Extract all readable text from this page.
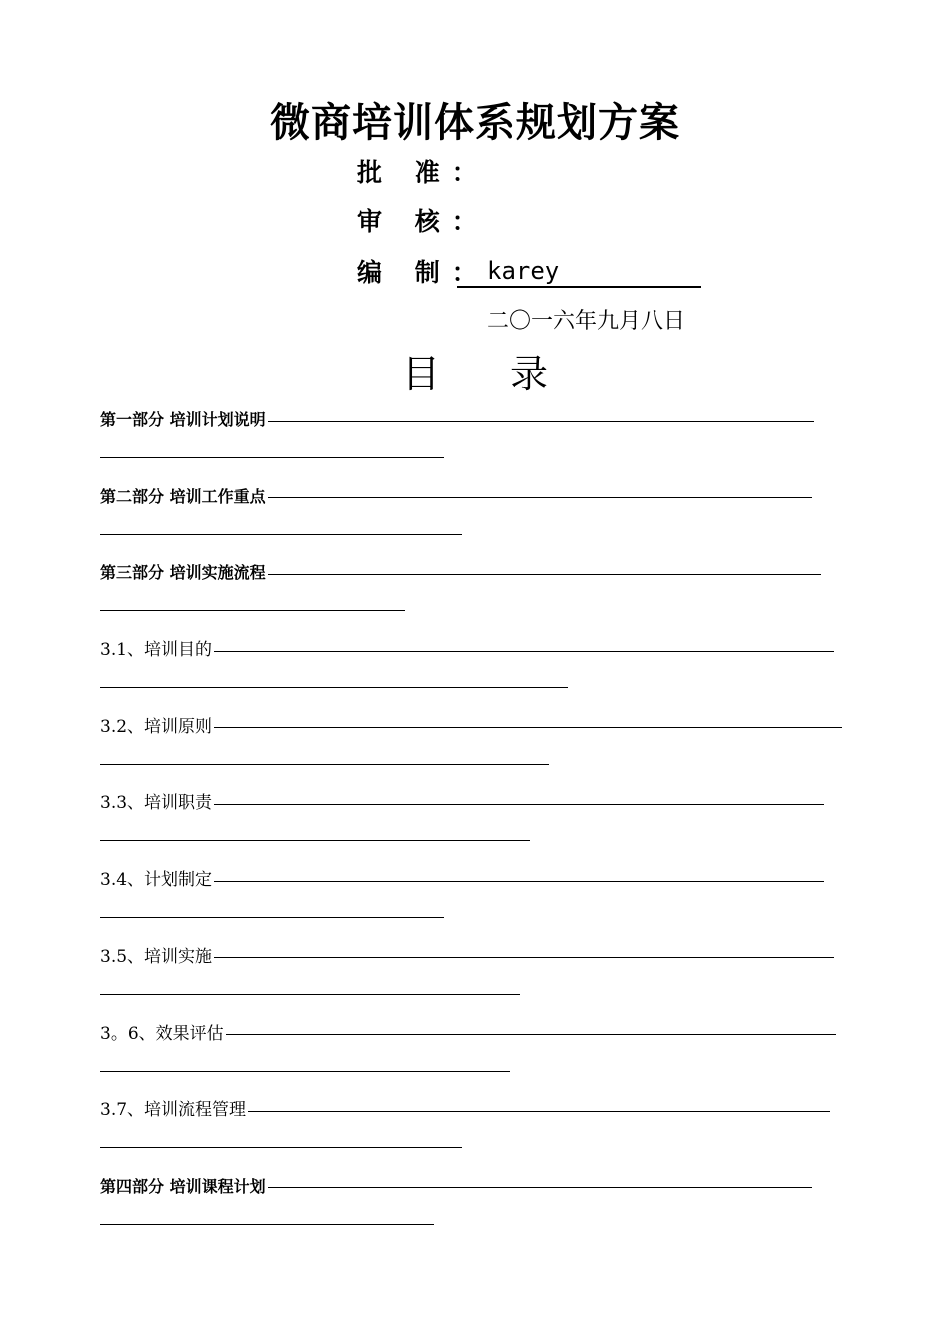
微商培训体系规划方案
批 准：
审 核：
编 制：
karey
二〇一六年九月八日
目 录
第一部分 培训计划说明
第二部分 培训工作重点
第三部分 培训实施流程
3.1、培训目的
3.2、培训原则
3.3、培训职责
3.4、计划制定
3.5、培训实施
3。6、效果评估
3.7、培训流程管理
第四部分 培训课程计划
